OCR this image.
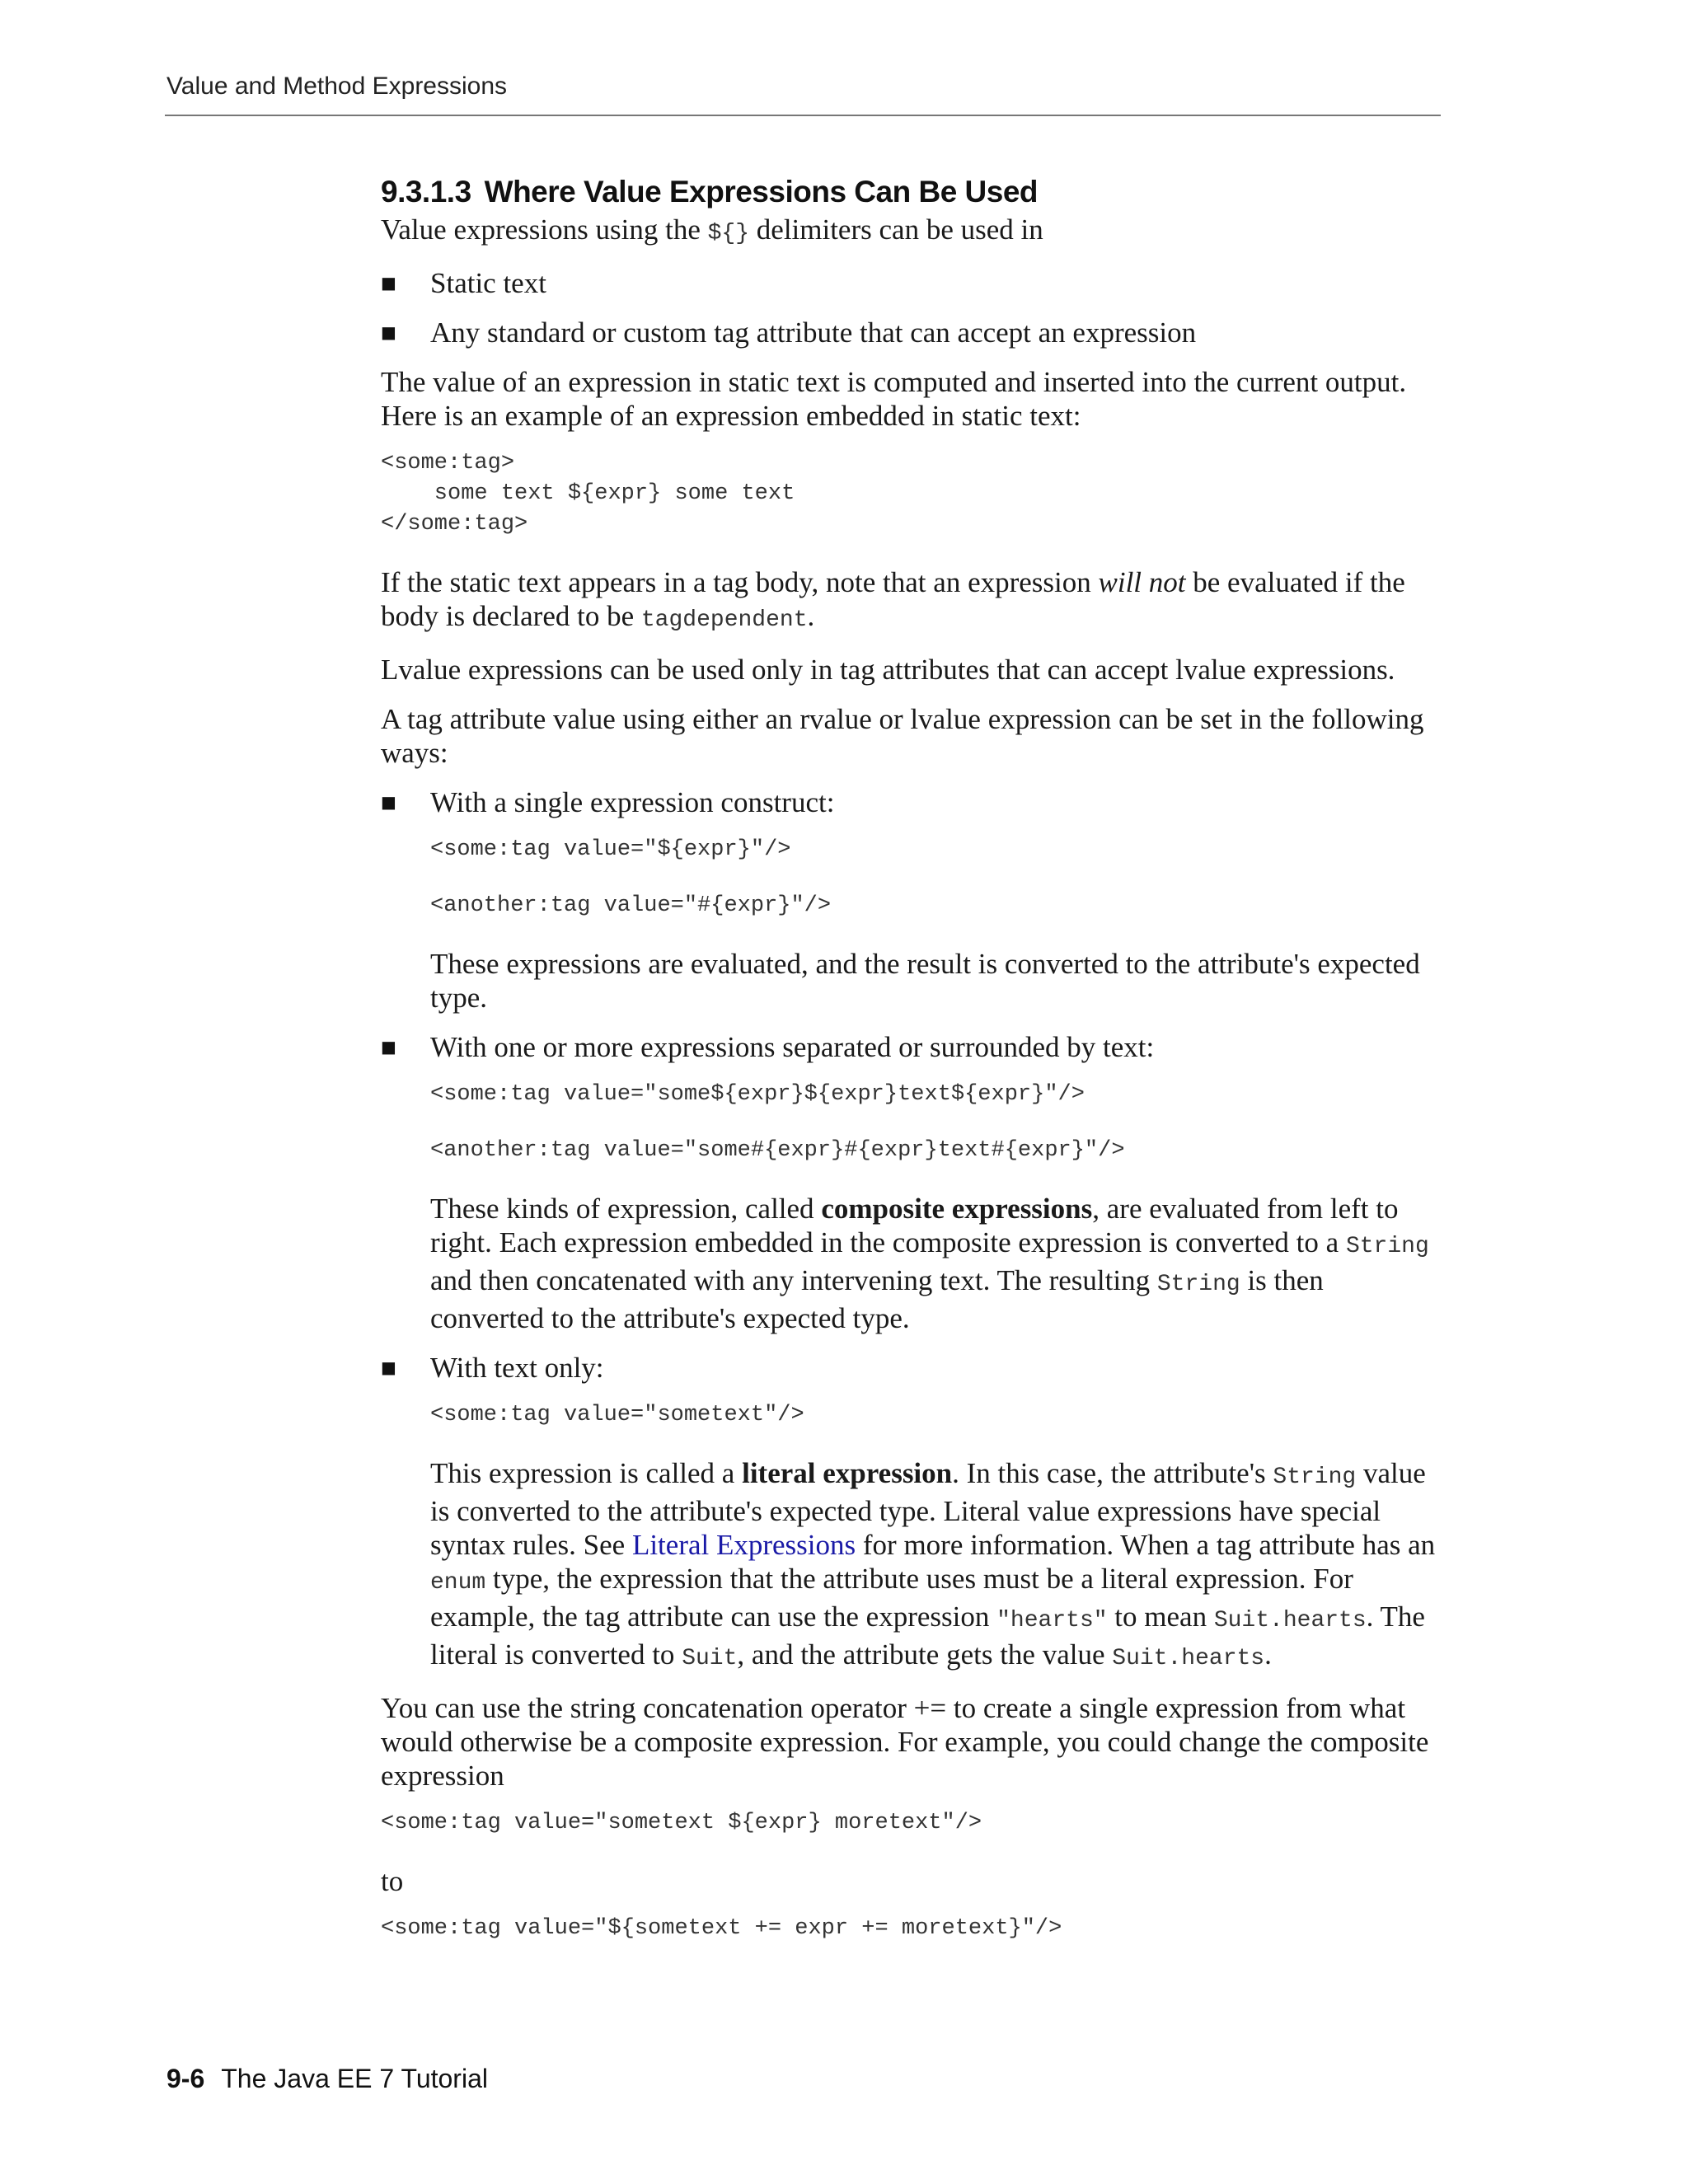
Value and Method Expressions
9.3.1.3 Where Value Expressions Can Be Used

Value expressions using the ${} delimiters can be used in

■ Static text
■ Any standard or custom tag attribute that can accept an expression

The value of an expression in static text is computed and inserted into the current output. Here is an example of an expression embedded in static text:

<some:tag>
some text ${expr} some text
</some:tag>

If the static text appears in a tag body, note that an expression will not be evaluated if the body is declared to be tagdependent.

Lvalue expressions can be used only in tag attributes that can accept lvalue expressions.

A tag attribute value using either an rvalue or lvalue expression can be set in the following ways:

■ With a single expression construct:

<some:tag value="${expr}"/>
<another:tag value="#{expr}"/>

These expressions are evaluated, and the result is converted to the attribute's expected type.

■ With one or more expressions separated or surrounded by text:

<some:tag value="some${expr}${expr}text${expr}"/>
<another:tag value="some#{expr}#{expr}text#{expr}"/>

These kinds of expression, called composite expressions, are evaluated from left to right. Each expression embedded in the composite expression is converted to a String and then concatenated with any intervening text. The resulting String is then converted to the attribute's expected type.

■ With text only:

<some:tag value="sometext"/>

This expression is called a literal expression. In this case, the attribute's String value is converted to the attribute's expected type. Literal value expressions have special syntax rules. See Literal Expressions for more information. When a tag attribute has an enum type, the expression that the attribute uses must be a literal expression. For example, the tag attribute can use the expression "hearts" to mean Suit.hearts. The literal is converted to Suit, and the attribute gets the value Suit.hearts.

You can use the string concatenation operator += to create a single expression from what would otherwise be a composite expression. For example, you could change the composite expression

<some:tag value="sometext ${expr} moretext"/>

to

<some:tag value="${sometext += expr += moretext}"/>
9-6 The Java EE 7 Tutorial
